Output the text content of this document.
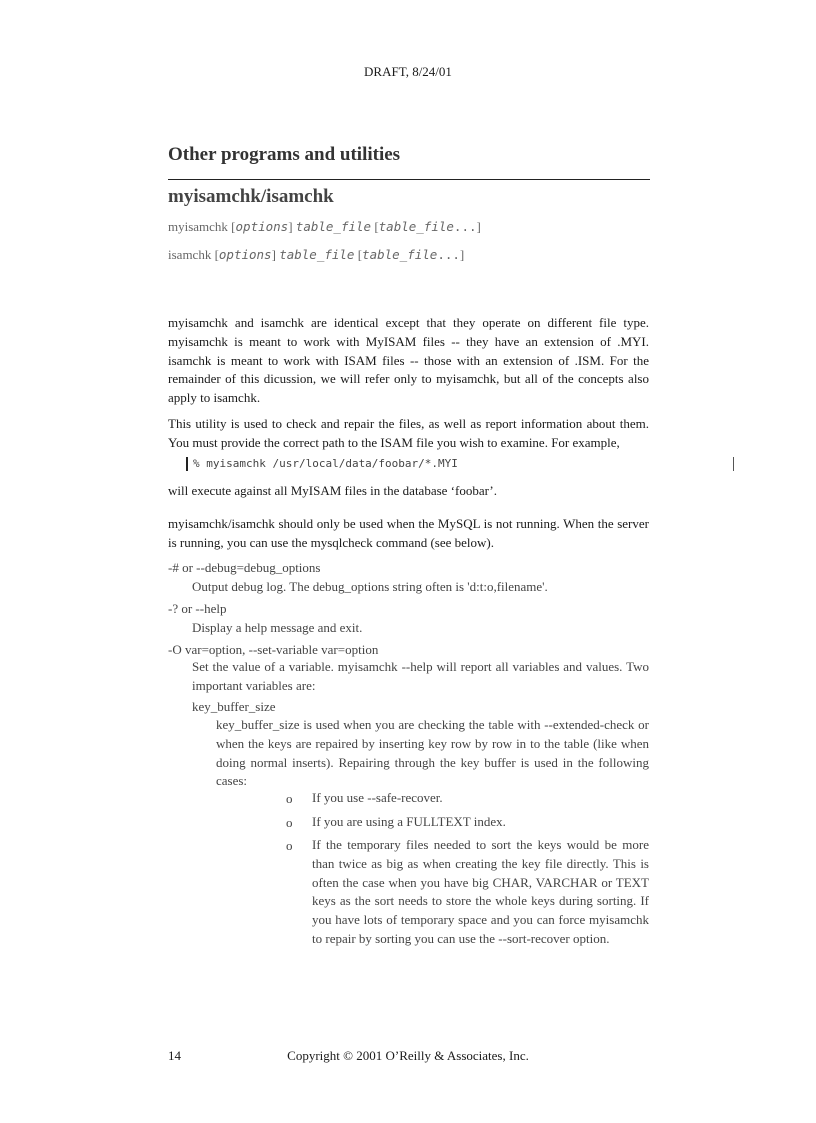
DRAFT, 8/24/01
Other programs and utilities
myisamchk/isamchk
myisamchk [options] table_file [table_file...]
isamchk [options] table_file [table_file...]
myisamchk and isamchk are identical except that they operate on different file type. myisamchk is meant to work with MyISAM files -- they have an extension of .MYI. isamchk is meant to work with ISAM files -- those with an extension of .ISM. For the remainder of this dicussion, we will refer only to myisamchk, but all of the concepts also apply to isamchk.
This utility is used to check and repair the files, as well as report information about them. You must provide the correct path to the ISAM file you wish to examine. For example,
% myisamchk /usr/local/data/foobar/*.MYI
will execute against all MyISAM files in the database ‘foobar’.
myisamchk/isamchk should only be used when the MySQL is not running. When the server is running, you can use the mysqlcheck command (see below).
-# or --debug=debug_options
Output debug log. The debug_options string often is 'd:t:o,filename'.
-? or --help
Display a help message and exit.
-O var=option, --set-variable var=option
Set the value of a variable. myisamchk --help will report all variables and values. Two important variables are:
key_buffer_size
key_buffer_size is used when you are checking the table with --extended-check or when the keys are repaired by inserting key row by row in to the table (like when doing normal inserts). Repairing through the key buffer is used in the following cases:
o If you use --safe-recover.
o If you are using a FULLTEXT index.
o If the temporary files needed to sort the keys would be more than twice as big as when creating the key file directly. This is often the case when you have big CHAR, VARCHAR or TEXT keys as the sort needs to store the whole keys during sorting. If you have lots of temporary space and you can force myisamchk to repair by sorting you can use the --sort-recover option.
Copyright © 2001 O’Reilly & Associates, Inc.
14
